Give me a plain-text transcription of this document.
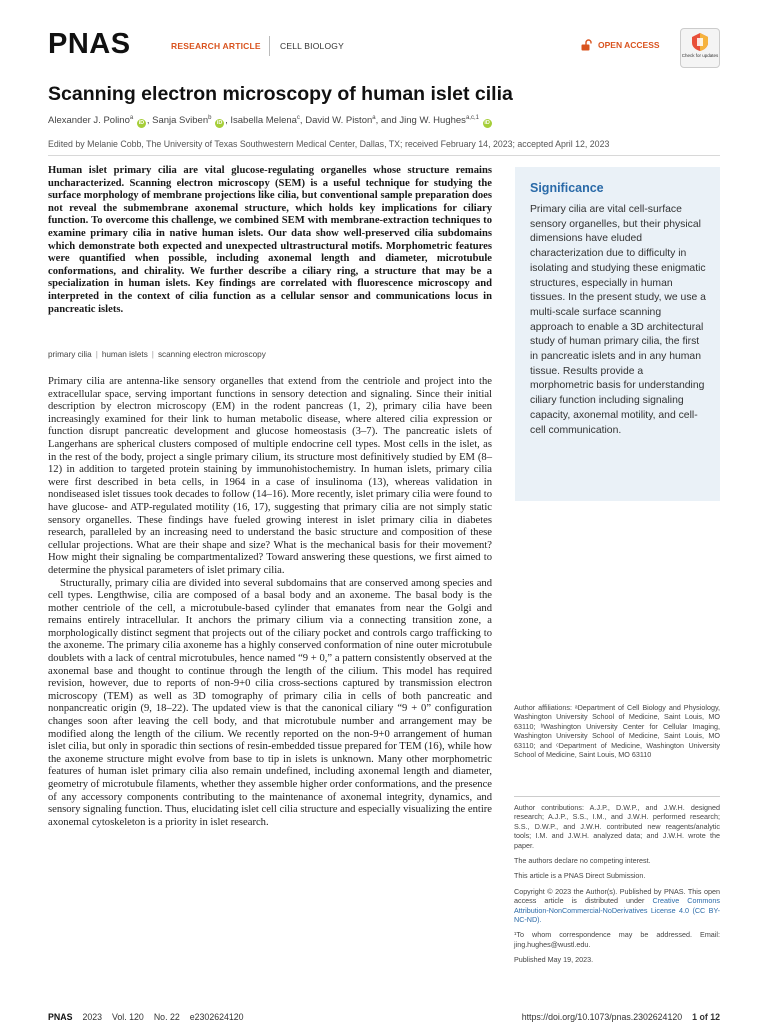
PNAS	RESEARCH ARTICLE CELL BIOLOGY	OPEN ACCESS
Check for updates
Scanning electron microscopy of human islet cilia
Alexander J. Polino$^a$ iD , Sanja Sviben$^b$ iD , Isabella Melena$^c$, David W. Piston$^a$, and Jing W. Hughes$^{a,c,1}$ iD
Edited by Melanie Cobb, The University of Texas Southwestern Medical Center, Dallas, TX; received February 14, 2023; accepted April 12, 2023
Human islet primary cilia are vital glucose-regulating organelles whose structure remains uncharacterized. Scanning electron microscopy (SEM) is a useful technique for studying the surface morphology of membrane projections like cilia, but conventional sample preparation does not reveal the submembrane axonemal structure, which holds key implications for ciliary function. To overcome this challenge, we combined SEM with membrane-extraction techniques to examine primary cilia in native human islets. Our data show well-preserved cilia subdomains which demonstrate both expected and unexpected ultrastructural motifs. Morphometric features were quantified when possible, including axonemal length and diameter, microtubule conformations, and chirality. We further describe a ciliary ring, a structure that may be a specialization in human islets. Key findings are correlated with fluorescence microscopy and interpreted in the context of cilia function as a cellular sensor and communications locus in pancreatic islets.
primary cilia | human islets | scanning electron microscopy

Primary cilia are antenna-like sensory organelles that extend from the centriole and project into the extracellular space, serving important functions in sensory detection and signaling. Since their initial description by electron microscopy (EM) in the rodent pancreas (1, 2), primary cilia have been increasingly examined for their link to human metabolic disease, where altered cilia expression or function disrupt pancreatic development and glucose homeostasis (3–7). The pancreatic islets of Langerhans are spherical clusters composed of multiple endocrine cell types. Most cells in the islet, as in the rest of the body, project a single primary cilium, its structure most definitively studied by EM (8–12) in addition to targeted protein staining by immunohistochemistry. In human islets, primary cilia were first described in beta cells, in 1964 in a case of insulinoma (13), whereas validation in nondiseased islet tissues took decades to follow (14–16). More recently, islet primary cilia were found to have glucose- and ATP-regulated motility (16, 17), suggesting that primary cilia are not simply static sensory organelles. These findings have fueled growing interest in islet primary cilia in diabetes research, paralleled by an increasing need to understand the basic structure and composition of these cellular projections. What are their shape and size? What is the mechanical basis for their movement? How might their signaling be compartmentalized? Toward answering these questions, we first aimed to determine the physical parameters of islet primary cilia.

Structurally, primary cilia are divided into several subdomains that are conserved among species and cell types. Lengthwise, cilia are composed of a basal body and an axoneme. The basal body is the mother centriole of the cell, a microtubule-based cylinder that emanates from near the Golgi and remains entirely intracellular. It anchors the primary cilium via a connecting transition zone, a morphologically distinct segment that projects out of the ciliary pocket and controls cargo trafficking to the axoneme. The primary cilia axoneme has a highly conserved conformation of nine outer microtubule doublets with a lack of central microtubules, hence named “9 + 0,” a pattern consistently observed at the axonemal base and thought to continue through the length of the cilium. This model has required revision, however, due to reports of non-9+0 cilia cross-sections captured by transmission electron microscopy (TEM) as well as 3D tomography of primary cilia in cells of both pancreatic and nonpancreatic origin (9, 18–22). The updated view is that the canonical ciliary “9 + 0” configuration changes soon after leaving the cell body, and that microtubule number and arrangement may be modified along the length of the cilium. We recently reported on the non-9+0 arrangement of human islet cilia, but only in sporadic thin sections of resin-embedded tissue prepared for TEM (16), while how the axoneme structure might evolve from base to tip in islets is unknown. Many other morphometric features of human islet primary cilia also remain undefined, including axonemal length and diameter, geometry of microtubule filaments, whether they assemble higher order conformations, and the presence of any accessory components contributing to the maintenance of axonemal integrity, dynamics, and sensory signaling function. Thus, elucidating islet cell cilia structure and especially visualizing the entire axonemal cytoskeleton is a priority in islet research.

Significance
Primary cilia are vital cell-surface sensory organelles, but their physical dimensions have eluded characterization due to difficulty in isolating and studying these enigmatic structures, especially in human tissues. In the present study, we use a multi-scale surface scanning approach to enable a 3D architectural study of human primary cilia, the first in pancreatic islets and in any human tissue. Results provide a morphometric basis for understanding ciliary function including signaling capacity, axonemal motility, and cell-cell communication.
Author affiliations: ᵃDepartment of Cell Biology and Physiology, Washington University School of Medicine, Saint Louis, MO 63110; ᵇWashington University Center for Cellular Imaging, Washington University School of Medicine, Saint Louis, MO 63110; and ᶜDepartment of Medicine, Washington University School of Medicine, Saint Louis, MO 63110

Author contributions: A.J.P., D.W.P., and J.W.H. designed research; A.J.P., S.S., I.M., and J.W.H. performed research; S.S., D.W.P., and J.W.H. contributed new reagents/analytic tools; I.M. and J.W.H. analyzed data; and J.W.H. wrote the paper.

The authors declare no competing interest.

This article is a PNAS Direct Submission.

Copyright © 2023 the Author(s). Published by PNAS. This open access article is distributed under Creative Commons Attribution-NonCommercial-NoDerivatives License 4.0 (CC BY-NC-ND).

¹To whom correspondence may be addressed. Email: jing.hughes@wustl.edu.

Published May 19, 2023.

PNAS 2023 Vol. 120 No. 22 e2302624120	https://doi.org/10.1073/pnas.2302624120 1 of 12
